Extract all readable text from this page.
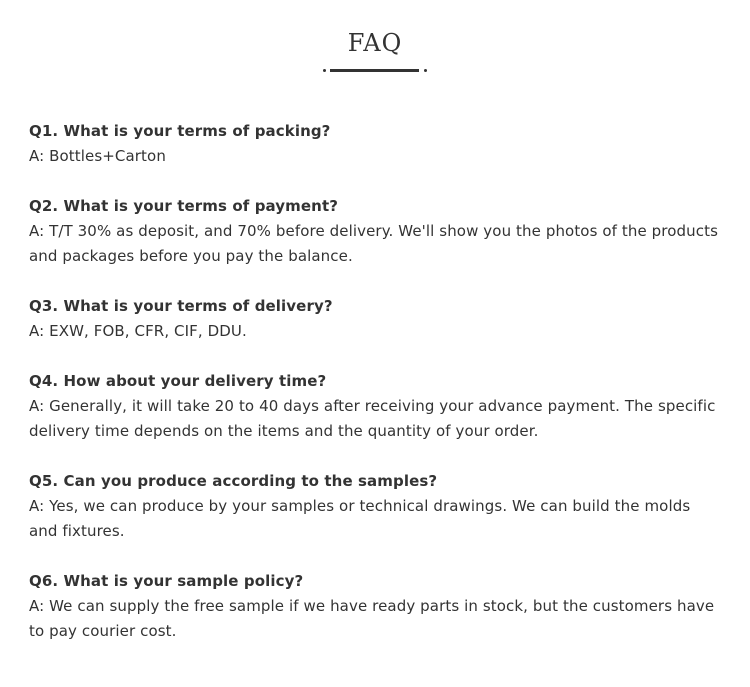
FAQ
Q1. What is your terms of packing?
A: Bottles+Carton
Q2. What is your terms of payment?
A: T/T 30% as deposit, and 70% before delivery. We'll show you the photos of the products and packages before you pay the balance.
Q3. What is your terms of delivery?
A: EXW, FOB, CFR, CIF, DDU.
Q4. How about your delivery time?
A: Generally, it will take 20 to 40 days after receiving your advance payment. The specific delivery time depends on the items and the quantity of your order.
Q5. Can you produce according to the samples?
A: Yes, we can produce by your samples or technical drawings. We can build the molds and fixtures.
Q6. What is your sample policy?
A: We can supply the free sample if we have ready parts in stock, but the customers have to pay courier cost.
